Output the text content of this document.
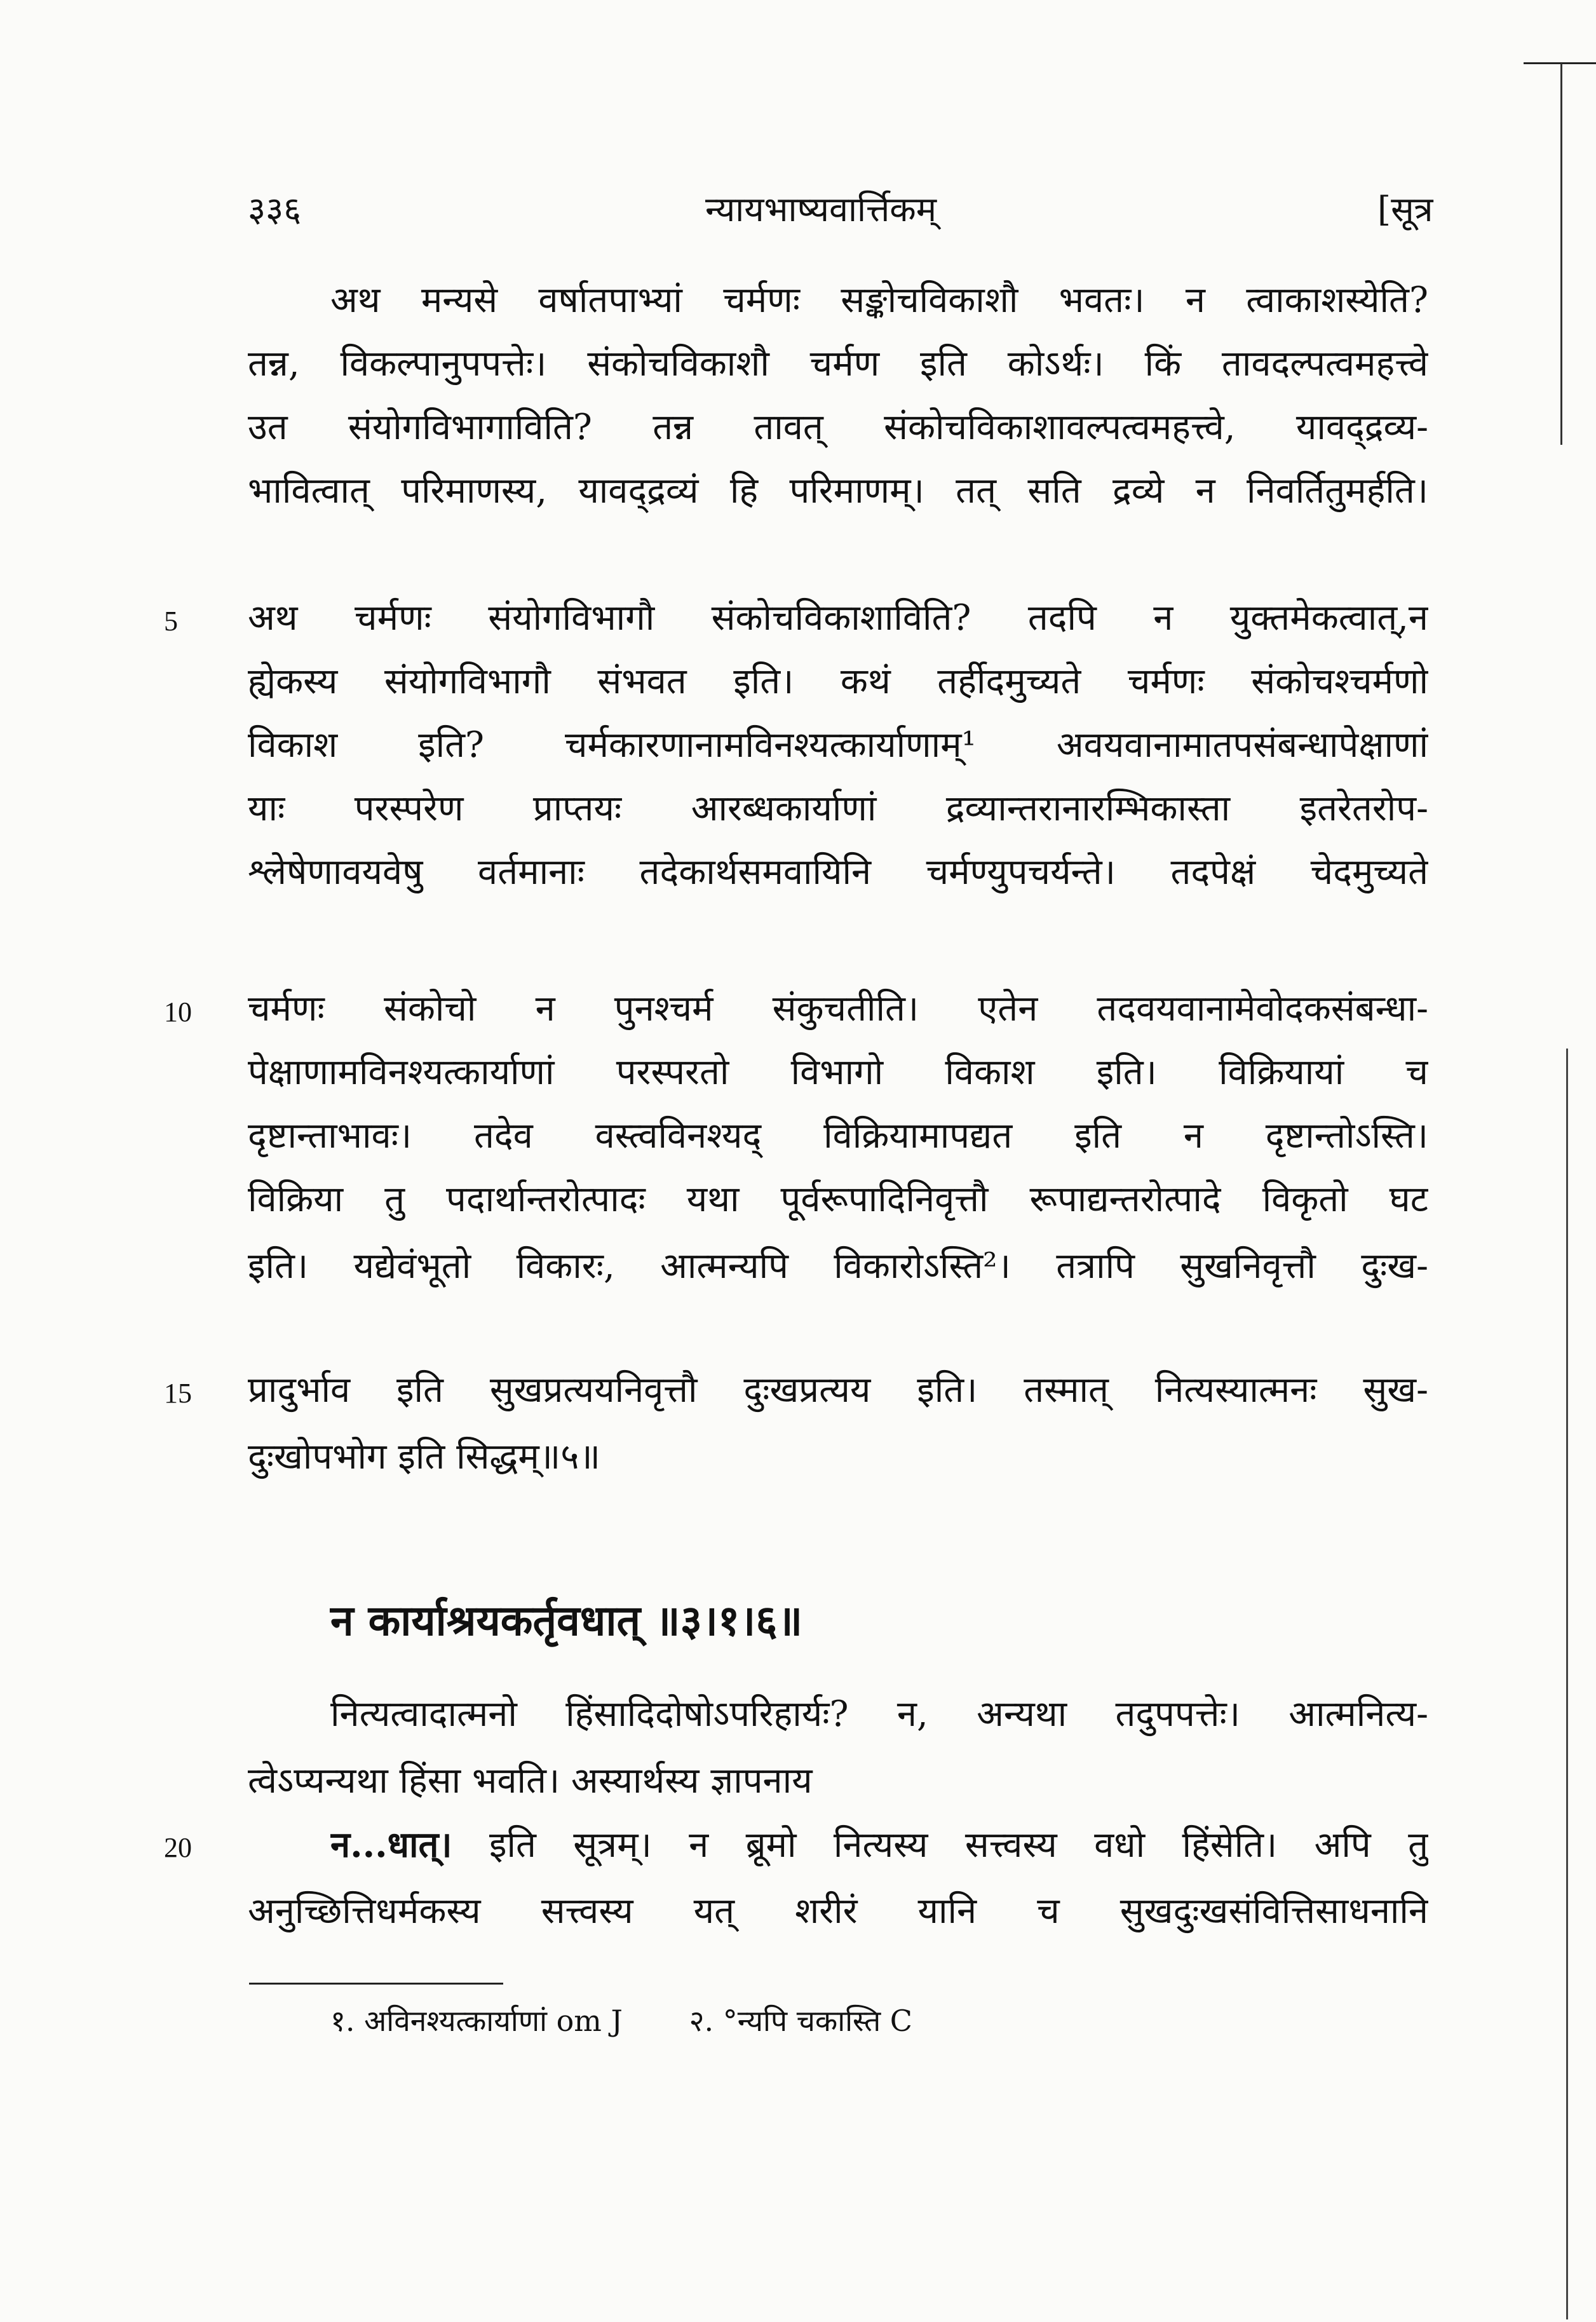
३३६	न्यायभाष्यवार्त्तिकम्	[सूत्र
अथ मन्यसे वर्षातपाभ्यां चर्मणः सङ्कोचविकाशौ भवतः। न त्वाकाशस्येति?
तन्न, विकल्पानुपपत्तेः। संकोचविकाशौ चर्मण इति कोऽर्थः। किं तावदल्पत्वमहत्त्वे
उत संयोगविभागाविति? तन्न तावत् संकोचविकाशावल्पत्वमहत्त्वे, यावद्द्रव्य-
भावित्वात् परिमाणस्य, यावद्द्रव्यं हि परिमाणम्। तत् सति द्रव्ये न निवर्तितुमर्हति।
अथ चर्मणः संयोगविभागौ संकोचविकाशाविति? तदपि न युक्तमेकत्वात्,न
ह्येकस्य संयोगविभागौ संभवत इति। कथं तर्हीदमुच्यते चर्मणः संकोचश्चर्मणो
विकाश इति? चर्मकारणानामविनश्यत्कार्याणाम्¹ अवयवानामातपसंबन्धापेक्षाणां
याः परस्परेण प्राप्तयः आरब्धकार्याणां द्रव्यान्तरानारम्भिकास्ता इतरेतरोप-
श्लेषेणावयवेषु वर्तमानाः तदेकार्थसमवायिनि चर्मण्युपचर्यन्ते। तदपेक्षं चेदमुच्यते
चर्मणः संकोचो न पुनश्चर्म संकुचतीति। एतेन तदवयवानामेवोदकसंबन्धा-
पेक्षाणामविनश्यत्कार्याणां परस्परतो विभागो विकाश इति। विक्रियायां च
दृष्टान्ताभावः। तदेव वस्त्वविनश्यद् विक्रियामापद्यत इति न दृष्टान्तोऽस्ति।
विक्रिया तु पदार्थान्तरोत्पादः यथा पूर्वरूपादिनिवृत्तौ रूपाद्यन्तरोत्पादे विकृतो घट
इति। यद्येवंभूतो विकारः, आत्मन्यपि विकारोऽस्ति²। तत्रापि सुखनिवृत्तौ दुःख-
प्रादुर्भाव इति सुखप्रत्ययनिवृत्तौ दुःखप्रत्यय इति। तस्मात् नित्यस्यात्मनः सुख-
दुःखोपभोग इति सिद्धम्॥५॥
5
10
15
20
न कार्याश्रयकर्तृवधात् ॥३।१।६॥
नित्यत्वादात्मनो हिंसादिदोषोऽपरिहार्यः? न, अन्यथा तदुपपत्तेः। आत्मनित्य-
त्वेऽप्यन्यथा हिंसा भवति। अस्यार्थस्य ज्ञापनाय
न...धात्। इति सूत्रम्। न ब्रूमो नित्यस्य सत्त्वस्य वधो हिंसेति। अपि तु
अनुच्छित्तिधर्मकस्य सत्त्वस्य यत् शरीरं यानि च सुखदुःखसंवित्तिसाधनानि
१. अविनश्यत्कार्याणां om J २. °न्यपि चकास्ति C
